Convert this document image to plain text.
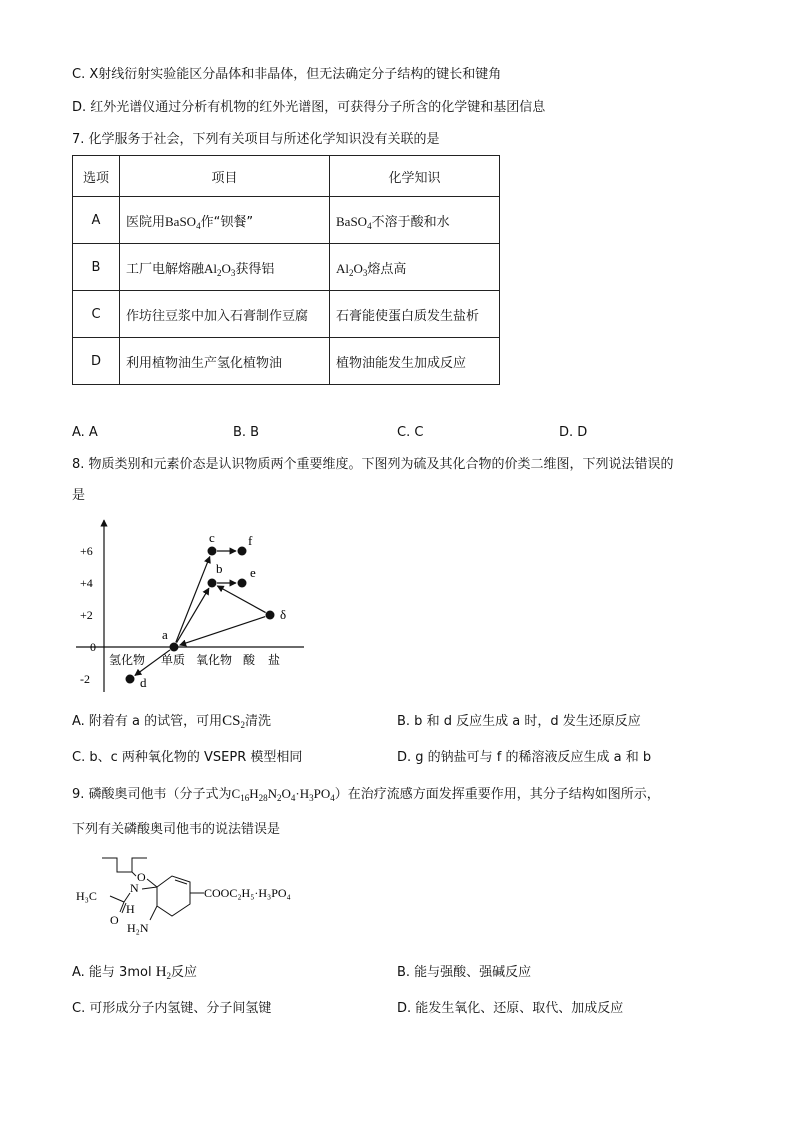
C. X射线衍射实验能区分晶体和非晶体，但无法确定分子结构的键长和键角
D. 红外光谱仪通过分析有机物的红外光谱图，可获得分子所含的化学键和基团信息
7. 化学服务于社会，下列有关项目与所述化学知识没有关联的是
选项	项目	化学知识
A	医院用BaSO$_4$作“钡餐”	BaSO$_4$不溶于酸和水
B	工厂电解熔融$Al_2O_3$获得铝	$Al_2O_3$熔点高
C	作坊往豆浆中加入石膏制作豆腐	石膏能使蛋白质发生盐析
D	利用植物油生产氢化植物油	植物油能发生加成反应
A. A	B. B	C. C	D. D
8. 物质类别和元素价态是认识物质两个重要维度。下图列为硫及其化合物的价类二维图，下列说法错误的
是
+6
+4
+2
0
-2
氢化物 单质 氧化物 酸 盐
a
b
c
d
e
f
δ
A. 附着有 a 的试管，可用$CS_2$清洗	B. b 和 d 反应生成 a 时，d 发生还原反应
C. b、c 两种氧化物的 VSEPR 模型相同	D. g 的钠盐可与 f 的稀溶液反应生成 a 和 b
9. 磷酸奥司他韦（分子式为$C_{16}H_{28}N_2O_4\cdot H_3PO_4$）在治疗流感方面发挥重要作用，其分子结构如图所示，
下列有关磷酸奥司他韦的说法错误是
O
H₃C
N
H
O
H₂N
COOC₂H₅·H₃PO₄
A. 能与 3mol $H_2$反应	B. 能与强酸、强碱反应
C. 可形成分子内氢键、分子间氢键	D. 能发生氧化、还原、取代、加成反应
